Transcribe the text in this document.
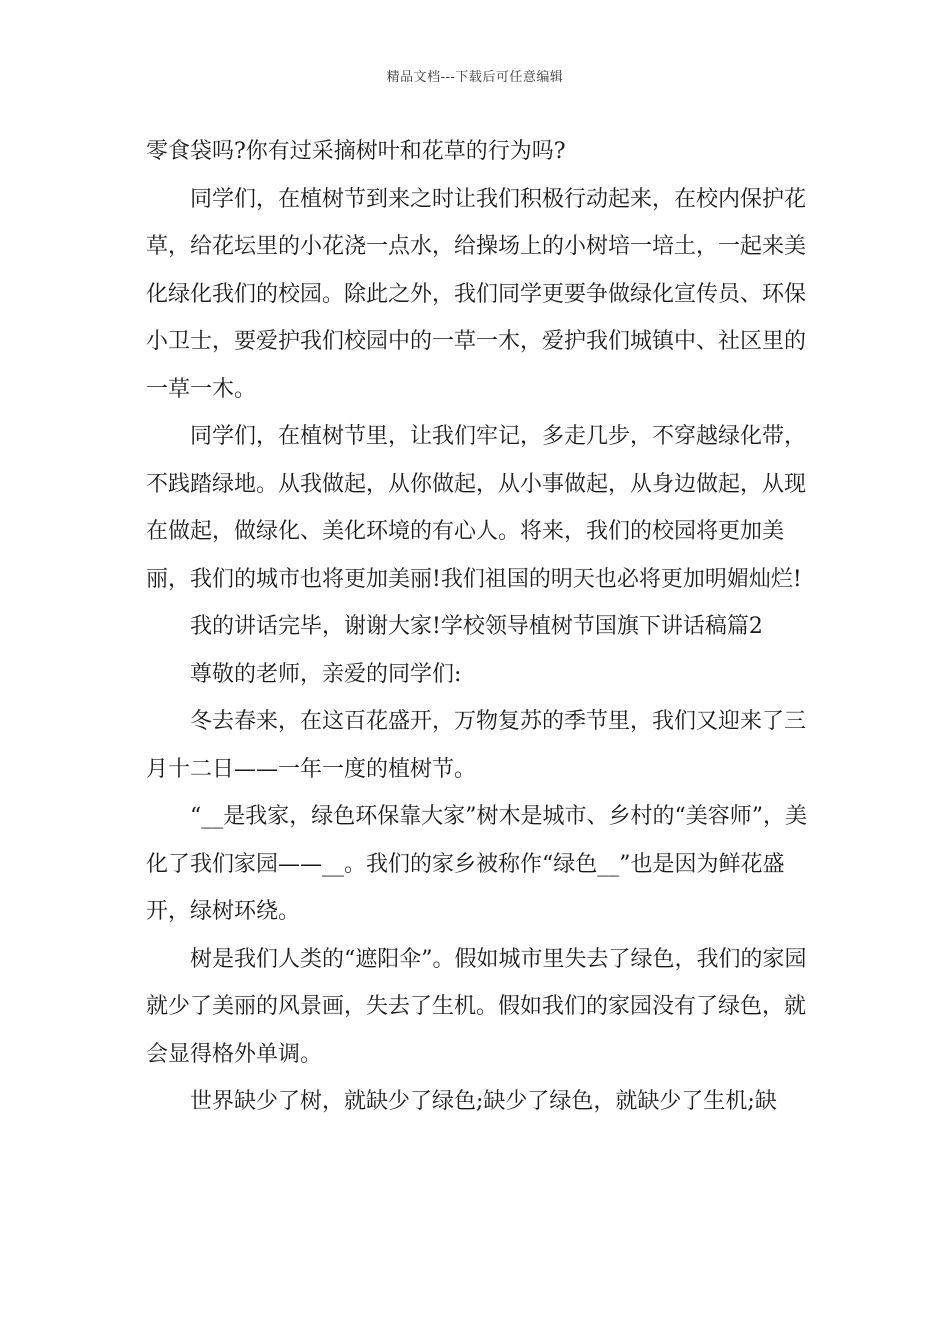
精品文档---下载后可任意编辑

零食袋吗?你有过采摘树叶和花草的行为吗?

同学们，在植树节到来之时让我们积极行动起来，在校内保护花草，给花坛里的小花浇一点水，给操场上的小树培一培土，一起来美化绿化我们的校园。除此之外，我们同学更要争做绿化宣传员、环保小卫士，要爱护我们校园中的一草一木，爱护我们城镇中、社区里的一草一木。

同学们，在植树节里，让我们牢记，多走几步，不穿越绿化带，不践踏绿地。从我做起，从你做起，从小事做起，从身边做起，从现在做起，做绿化、美化环境的有心人。将来，我们的校园将更加美丽，我们的城市也将更加美丽!我们祖国的明天也必将更加明媚灿烂!

我的讲话完毕，谢谢大家!学校领导植树节国旗下讲话稿篇2

尊敬的老师，亲爱的同学们:

冬去春来，在这百花盛开，万物复苏的季节里，我们又迎来了三月十二日——一年一度的植树节。

“__是我家，绿色环保靠大家”树木是城市、乡村的“美容师”，美化了我们家园——__。我们的家乡被称作“绿色__”也是因为鲜花盛开，绿树环绕。

树是我们人类的“遮阳伞”。假如城市里失去了绿色，我们的家园就少了美丽的风景画，失去了生机。假如我们的家园没有了绿色，就会显得格外单调。

世界缺少了树，就缺少了绿色;缺少了绿色，就缺少了生机;缺
